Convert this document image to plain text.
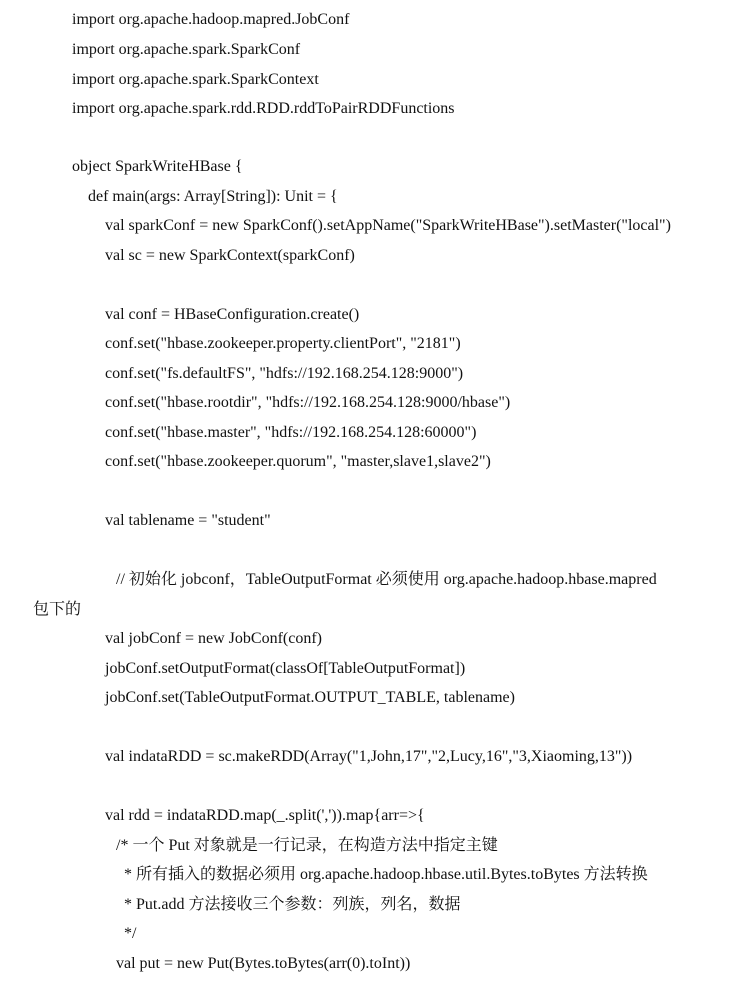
import org.apache.hadoop.mapred.JobConf
import org.apache.spark.SparkConf
import org.apache.spark.SparkContext
import org.apache.spark.rdd.RDD.rddToPairRDDFunctions
object SparkWriteHBase {
def main(args: Array[String]): Unit = {
val sparkConf = new SparkConf().setAppName("SparkWriteHBase").setMaster("local")
val sc = new SparkContext(sparkConf)
val conf = HBaseConfiguration.create()
conf.set("hbase.zookeeper.property.clientPort", "2181")
conf.set("fs.defaultFS", "hdfs://192.168.254.128:9000")
conf.set("hbase.rootdir", "hdfs://192.168.254.128:9000/hbase")
conf.set("hbase.master", "hdfs://192.168.254.128:60000")
conf.set("hbase.zookeeper.quorum", "master,slave1,slave2")
val tablename = "student"
// 初始化 jobconf，TableOutputFormat 必须使用 org.apache.hadoop.hbase.mapred
包下的
val jobConf = new JobConf(conf)
jobConf.setOutputFormat(classOf[TableOutputFormat])
jobConf.set(TableOutputFormat.OUTPUT_TABLE, tablename)
val indataRDD = sc.makeRDD(Array("1,John,17","2,Lucy,16","3,Xiaoming,13"))
val rdd = indataRDD.map(_.split(',')).map{arr=>{
/* 一个 Put 对象就是一行记录，在构造方法中指定主键
* 所有插入的数据必须用 org.apache.hadoop.hbase.util.Bytes.toBytes 方法转换
* Put.add 方法接收三个参数：列族，列名，数据
*/
val put = new Put(Bytes.toBytes(arr(0).toInt))
